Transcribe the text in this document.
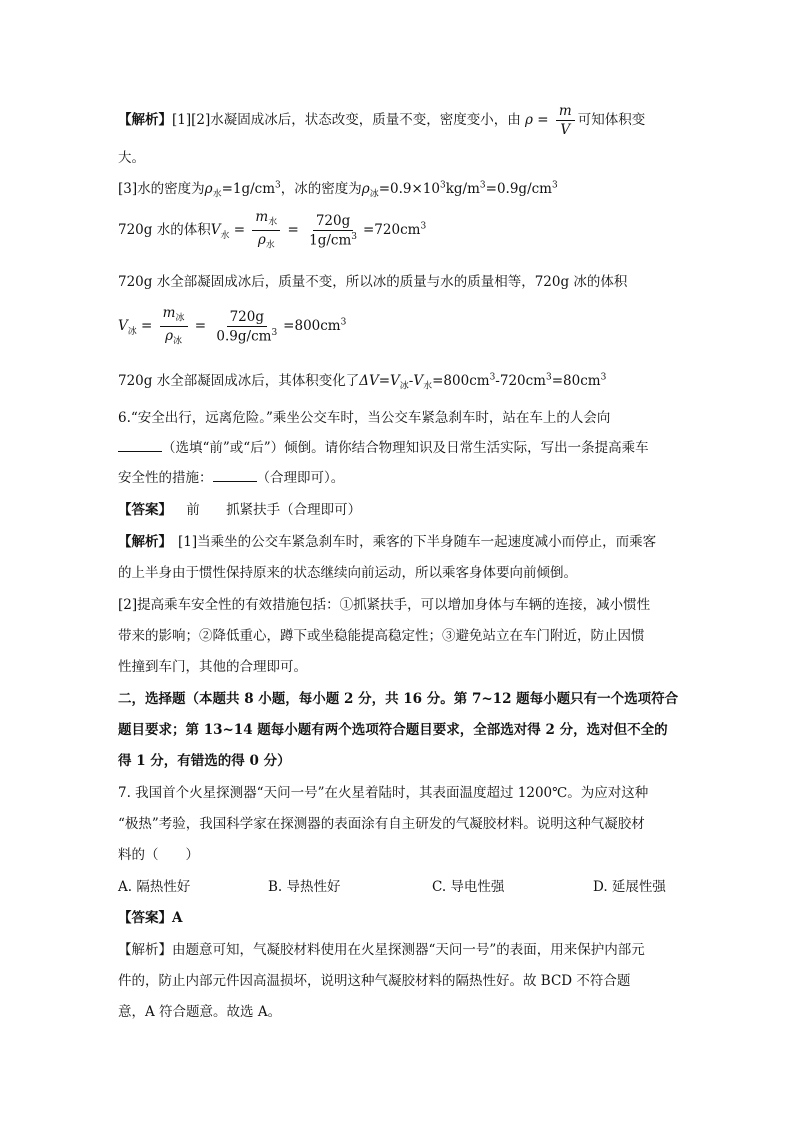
【解析】[1][2]水凝固成冰后，状态改变，质量不变，密度变小，由 $\rho = \frac{m}{V}$ 可知体积变
大。
[3]水的密度为$\rho_水=1g/cm^3$，冰的密度为$\rho_冰=0.9\times 10^3kg/m^3=0.9g/cm^3$
720g 水的体积$V_水 = \frac{m_水}{\rho_水} = \frac{720g}{1g/cm^3} =720cm^3$
720g 水全部凝固成冰后，质量不变，所以冰的质量与水的质量相等，720g 冰的体积
$V_冰 = \frac{m_冰}{\rho_冰} = \frac{720g}{0.9g/cm^3} =800cm^3$
720g 水全部凝固成冰后，其体积变化了$\Delta V=V_冰-V_水=800cm^3-720cm^3=80cm^3$
6.“安全出行，远离危险。”乘坐公交车时，当公交车紧急刹车时，站在车上的人会向
（选填“前”或“后”）倾倒。请你结合物理知识及日常生活实际，写出一条提高乘车
安全性的措施：	（合理即可）。
【答案】 前 抓紧扶手（合理即可）
【解析】 [1]当乘坐的公交车紧急刹车时，乘客的下半身随车一起速度减小而停止，而乘客
的上半身由于惯性保持原来的状态继续向前运动，所以乘客身体要向前倾倒。
[2]提高乘车安全性的有效措施包括：①抓紧扶手，可以增加身体与车辆的连接，减小惯性
带来的影响；②降低重心，蹲下或坐稳能提高稳定性；③避免站立在车门附近，防止因惯
性撞到车门，其他的合理即可。
二，选择题（本题共 8 小题，每小题 2 分，共 16 分。第 7~12 题每小题只有一个选项符合
题目要求；第 13~14 题每小题有两个选项符合题目要求，全部选对得 2 分，选对但不全的
得 1 分，有错选的得 0 分）
7. 我国首个火星探测器“天问一号”在火星着陆时，其表面温度超过 1200℃。为应对这种
“极热”考验，我国科学家在探测器的表面涂有自主研发的气凝胶材料。说明这种气凝胶材
料的（　　）
A. 隔热性好	B. 导热性好	C. 导电性强	D. 延展性强
【答案】A
【解析】由题意可知，气凝胶材料使用在火星探测器“天问一号”的表面，用来保护内部元
件的，防止内部元件因高温损坏，说明这种气凝胶材料的隔热性好。故 BCD 不符合题
意，A 符合题意。故选 A。
